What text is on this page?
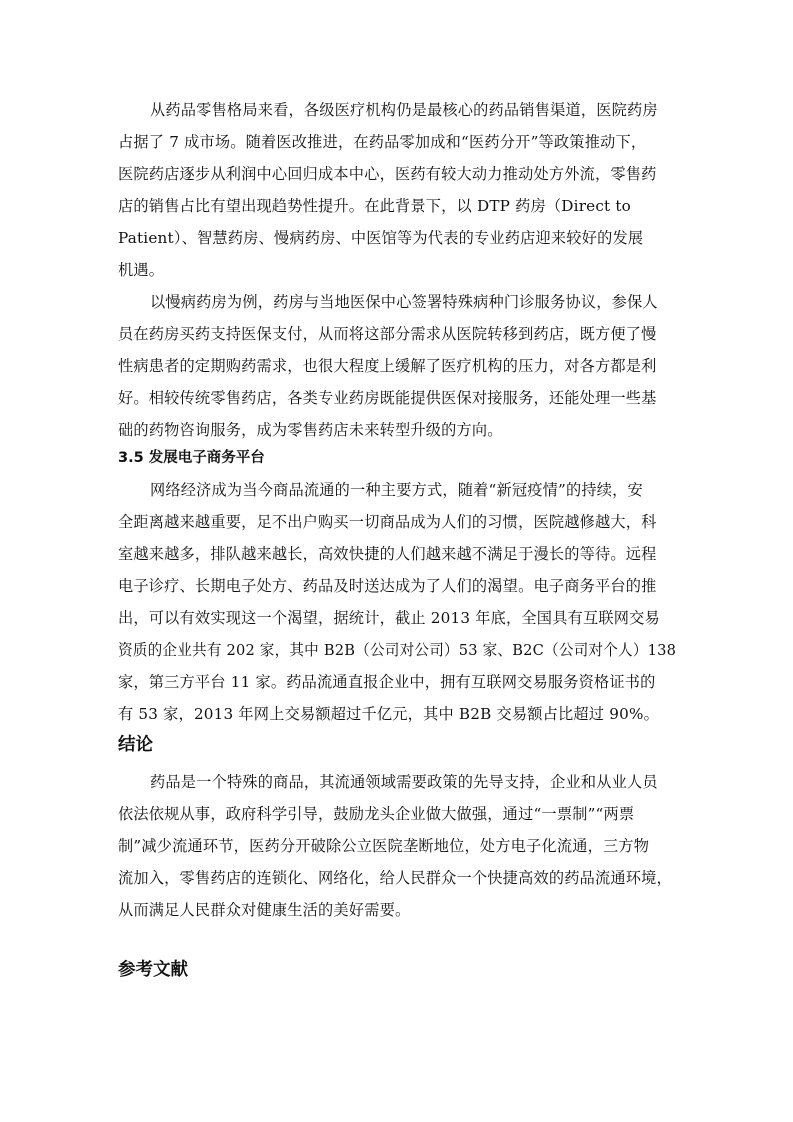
从药品零售格局来看，各级医疗机构仍是最核心的药品销售渠道，医院药房
占据了 7 成市场。随着医改推进，在药品零加成和“医药分开”等政策推动下，
医院药店逐步从利润中心回归成本中心，医药有较大动力推动处方外流，零售药
店的销售占比有望出现趋势性提升。在此背景下，以 DTP 药房（Direct to
Patient）、智慧药房、慢病药房、中医馆等为代表的专业药店迎来较好的发展
机遇。
以慢病药房为例，药房与当地医保中心签署特殊病种门诊服务协议，参保人
员在药房买药支持医保支付，从而将这部分需求从医院转移到药店，既方便了慢
性病患者的定期购药需求，也很大程度上缓解了医疗机构的压力，对各方都是利
好。相较传统零售药店，各类专业药房既能提供医保对接服务，还能处理一些基
础的药物咨询服务，成为零售药店未来转型升级的方向。
3.5 发展电子商务平台
网络经济成为当今商品流通的一种主要方式，随着“新冠疫情”的持续，安
全距离越来越重要，足不出户购买一切商品成为人们的习惯，医院越修越大，科
室越来越多，排队越来越长，高效快捷的人们越来越不满足于漫长的等待。远程
电子诊疗、长期电子处方、药品及时送达成为了人们的渴望。电子商务平台的推
出，可以有效实现这一个渴望，据统计，截止 2013 年底，全国具有互联网交易
资质的企业共有 202 家，其中 B2B（公司对公司）53 家、B2C（公司对个人）138
家，第三方平台 11 家。药品流通直报企业中，拥有互联网交易服务资格证书的
有 53 家，2013 年网上交易额超过千亿元，其中 B2B 交易额占比超过 90%。
结论
药品是一个特殊的商品，其流通领域需要政策的先导支持，企业和从业人员
依法依规从事，政府科学引导，鼓励龙头企业做大做强，通过“一票制”“两票
制”减少流通环节，医药分开破除公立医院垄断地位，处方电子化流通，三方物
流加入，零售药店的连锁化、网络化，给人民群众一个快捷高效的药品流通环境，
从而满足人民群众对健康生活的美好需要。
参考文献
